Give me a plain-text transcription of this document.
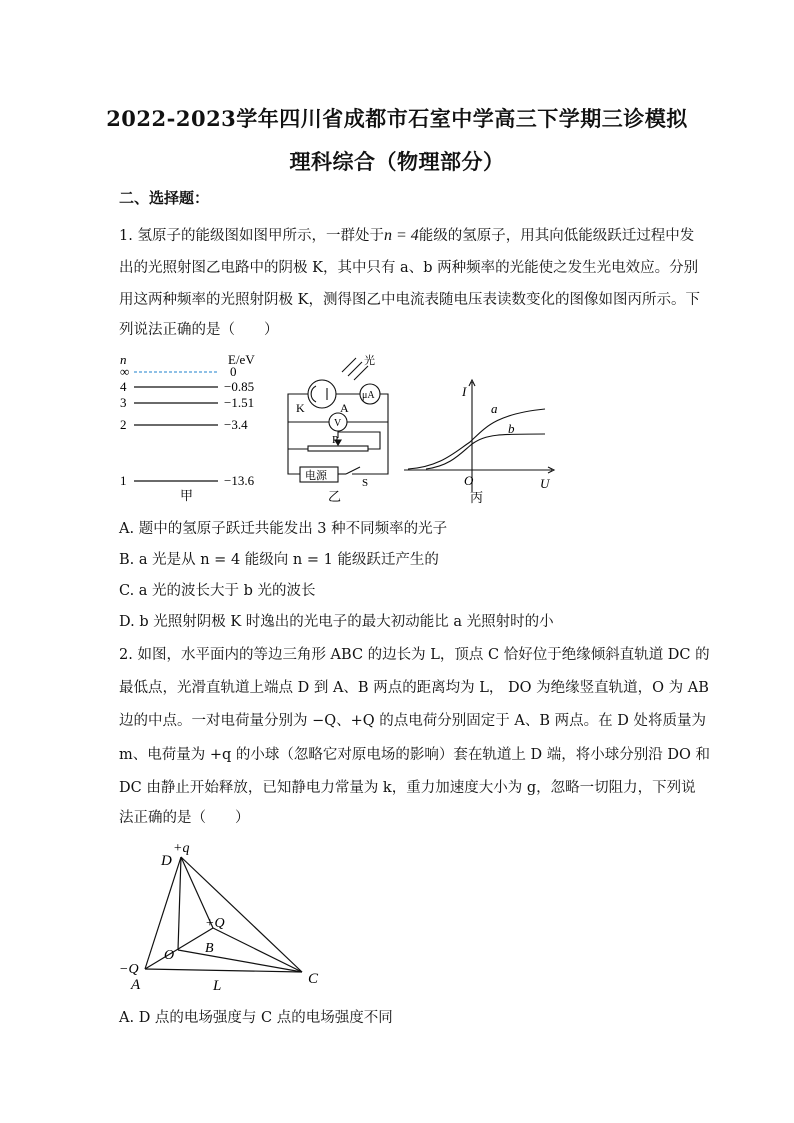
2022-2023学年四川省成都市石室中学高三下学期三诊模拟
理科综合（物理部分）
二、选择题：
1. 氢原子的能级图如图甲所示，一群处于n = 4能级的氢原子，用其向低能级跃迁过程中发
出的光照射图乙电路中的阴极 K，其中只有 a、b 两种频率的光能使之发生光电效应。分别
用这两种频率的光照射阴极 K，测得图乙中电流表随电压表读数变化的图像如图丙所示。下
列说法正确的是（　　）
n	E/eV
∞	0
4	−0.85
3	−1.51
2	−3.4
1	−13.6
甲
光
K	A
μA
V
P
电源
S
乙
I
U
O
a
b
丙
A. 题中的氢原子跃迁共能发出 3 种不同频率的光子
B. a 光是从 n = 4 能级向 n = 1 能级跃迁产生的
C. a 光的波长大于 b 光的波长
D. b 光照射阴极 K 时逸出的光电子的最大初动能比 a 光照射时的小
2. 如图，水平面内的等边三角形 ABC 的边长为 L，顶点 C 恰好位于绝缘倾斜直轨道 DC 的
最低点，光滑直轨道上端点 D 到 A、B 两点的距离均为 L， DO 为绝缘竖直轨道，O 为 AB
边的中点。一对电荷量分别为 −Q、+Q 的点电荷分别固定于 A、B 两点。在 D 处将质量为
m、电荷量为 +q 的小球（忽略它对原电场的影响）套在轨道上 D 端，将小球分别沿 DO 和
DC 由静止开始释放，已知静电力常量为 k，重力加速度大小为 g，忽略一切阻力，下列说
法正确的是（　　）
D
+q
+Q
B
O
−Q
A	L	C
A. D 点的电场强度与 C 点的电场强度不同
